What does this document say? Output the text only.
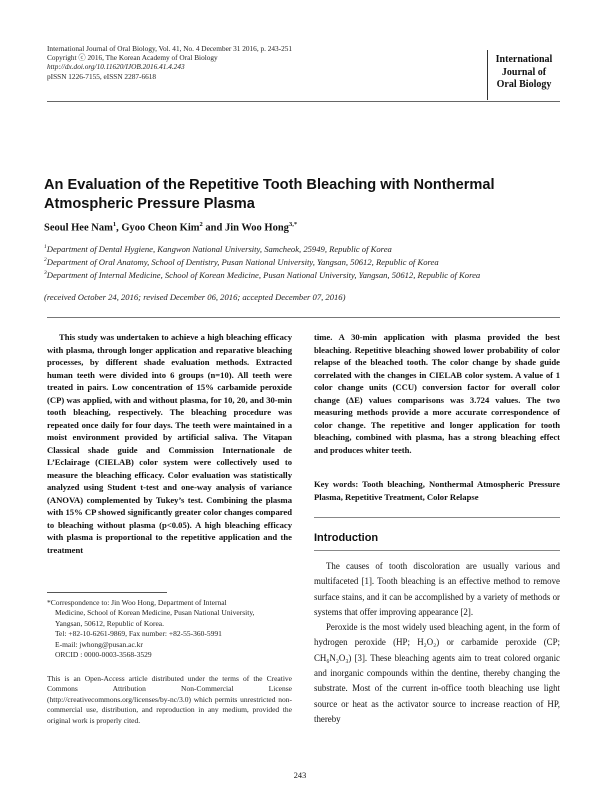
International Journal of Oral Biology, Vol. 41, No. 4 December 31 2016, p. 243-251
Copyright ⓒ 2016, The Korean Academy of Oral Biology
http://dx.doi.org/10.11620/IJOB.2016.41.4.243
pISSN 1226-7155, eISSN 2287-6618
International
Journal of
Oral Biology
An Evaluation of the Repetitive Tooth Bleaching with Nonthermal
Atmospheric Pressure Plasma
Seoul Hee Nam$^1$, Gyoo Cheon Kim$^2$ and Jin Woo Hong$^{3,*}$
$^1$Department of Dental Hygiene, Kangwon National University, Samcheok, 25949, Republic of Korea
$^2$Department of Oral Anatomy, School of Dentistry, Pusan National University, Yangsan, 50612, Republic of Korea
$^3$Department of Internal Medicine, School of Korean Medicine, Pusan National University, Yangsan, 50612, Republic of Korea
(received October 24, 2016; revised December 06, 2016; accepted December 07, 2016)
This study was undertaken to achieve a high bleaching efficacy with plasma, through longer application and reparative bleaching processes, by different shade evaluation methods. Extracted human teeth were divided into 6 groups (n=10). All teeth were treated in pairs. Low concentration of 15% carbamide peroxide (CP) was applied, with and without plasma, for 10, 20, and 30-min tooth bleaching, respectively. The bleaching procedure was repeated once daily for four days. The teeth were maintained in a moist environment provided by artificial saliva. The Vitapan Classical shade guide and Commission Internationale de L’Eclairage (CIELAB) color system were collectively used to measure the bleaching efficacy. Color evaluation was statistically analyzed using Student t-test and one-way analysis of variance (ANOVA) complemented by Tukey’s test. Combining the plasma with 15% CP showed significantly greater color changes compared to bleaching without plasma (p<0.05). A high bleaching efficacy with plasma is proportional to the repetitive application and the treatment
time. A 30-min application with plasma provided the best bleaching. Repetitive bleaching showed lower probability of color relapse of the bleached tooth. The color change by shade guide correlated with the changes in CIELAB color system. A value of 1 color change units (CCU) conversion factor for overall color change (ΔE) values comparisons was 3.724 values. The two measuring methods provide a more accurate correspondence of color change. The repetitive and longer application for tooth bleaching, combined with plasma, has a strong bleaching effect and produces whiter teeth.
Key words: Tooth bleaching, Nonthermal Atmospheric Pressure Plasma, Repetitive Treatment, Color Relapse
Introduction

The causes of tooth discoloration are usually various and multifaceted [1]. Tooth bleaching is an effective method to remove surface stains, and it can be accomplished by a variety of methods or systems that offer improving appearance [2].

Peroxide is the most widely used bleaching agent, in the form of hydrogen peroxide (HP; H₂O₂) or carbamide peroxide (CP; CH₆N₂O₃) [3]. These bleaching agents aim to treat colored organic and inorganic compounds within the dentine, thereby changing the substrate. Most of the current in-office tooth bleaching use light source or heat as the activator source to increase reaction of HP, thereby

*Correspondence to: Jin Woo Hong, Department of Internal
Medicine, School of Korean Medicine, Pusan National University,
Yangsan, 50612, Republic of Korea.
Tel: +82-10-6261-9869, Fax number: +82-55-360-5991
E-mail: jwhong@pusan.ac.kr
ORCID : 0000-0003-3568-3529
This is an Open-Access article distributed under the terms of the Creative Commons Attribution Non-Commercial License (http://creativecommons.org/licenses/by-nc/3.0) which permits unrestricted non-commercial use, distribution, and reproduction in any medium, provided the original work is properly cited.
243
